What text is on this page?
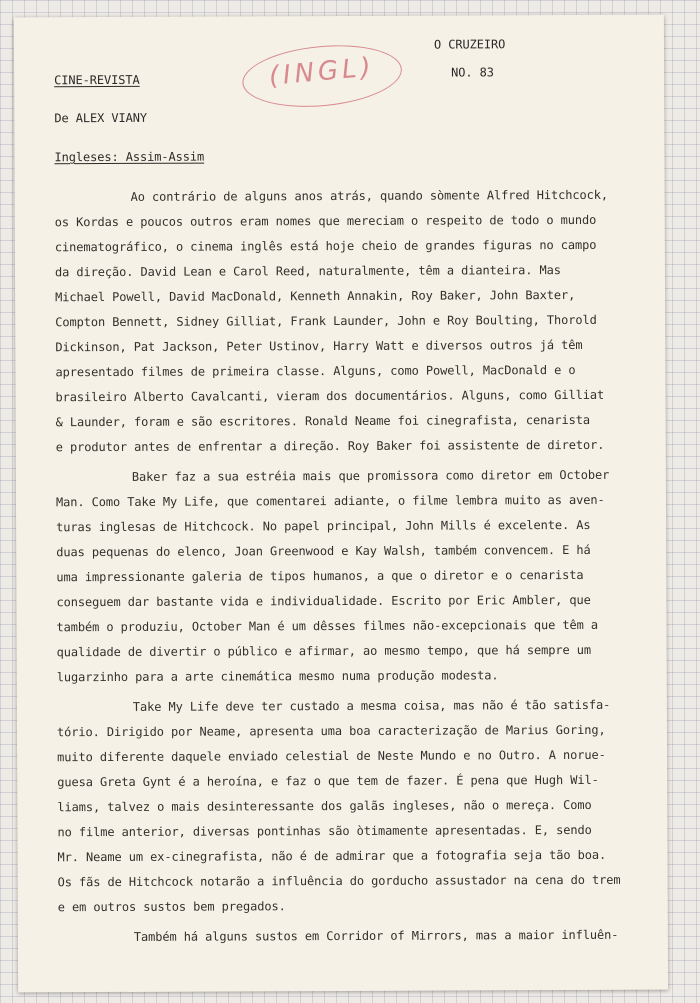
CINE-REVISTA
O CRUZEIRO
NO. 83
(INGL)
De ALEX VIANY
Ingleses: Assim-Assim
Ao contrário de alguns anos atrás, quando sòmente Alfred Hitchcock,
os Kordas e poucos outros eram nomes que mereciam o respeito de todo o mundo
cinematográfico, o cinema inglês está hoje cheio de grandes figuras no campo
da direção. David Lean e Carol Reed, naturalmente, têm a dianteira. Mas
Michael Powell, David MacDonald, Kenneth Annakin, Roy Baker, John Baxter,
Compton Bennett, Sidney Gilliat, Frank Launder, John e Roy Boulting, Thorold
Dickinson, Pat Jackson, Peter Ustinov, Harry Watt e diversos outros já têm
apresentado filmes de primeira classe. Alguns, como Powell, MacDonald e o
brasileiro Alberto Cavalcanti, vieram dos documentários. Alguns, como Gilliat
& Launder, foram e são escritores. Ronald Neame foi cinegrafista, cenarista
e produtor antes de enfrentar a direção. Roy Baker foi assistente de diretor.
Baker faz a sua estréia mais que promissora como diretor em October
Man. Como Take My Life, que comentarei adiante, o filme lembra muito as aven-
turas inglesas de Hitchcock. No papel principal, John Mills é excelente. As
duas pequenas do elenco, Joan Greenwood e Kay Walsh, também convencem. E há
uma impressionante galeria de tipos humanos, a que o diretor e o cenarista
conseguem dar bastante vida e individualidade. Escrito por Eric Ambler, que
também o produziu, October Man é um dêsses filmes não-excepcionais que têm a
qualidade de divertir o público e afirmar, ao mesmo tempo, que há sempre um
lugarzinho para a arte cinemática mesmo numa produção modesta.
Take My Life deve ter custado a mesma coisa, mas não é tão satisfa-
tório. Dirigido por Neame, apresenta uma boa caracterização de Marius Goring,
muito diferente daquele enviado celestial de Neste Mundo e no Outro. A norue-
guesa Greta Gynt é a heroína, e faz o que tem de fazer. É pena que Hugh Wil-
liams, talvez o mais desinteressante dos galãs ingleses, não o mereça. Como
no filme anterior, diversas pontinhas são òtimamente apresentadas. E, sendo
Mr. Neame um ex-cinegrafista, não é de admirar que a fotografia seja tão boa.
Os fãs de Hitchcock notarão a influência do gorducho assustador na cena do trem
e em outros sustos bem pregados.
Também há alguns sustos em Corridor of Mirrors, mas a maior influên-
